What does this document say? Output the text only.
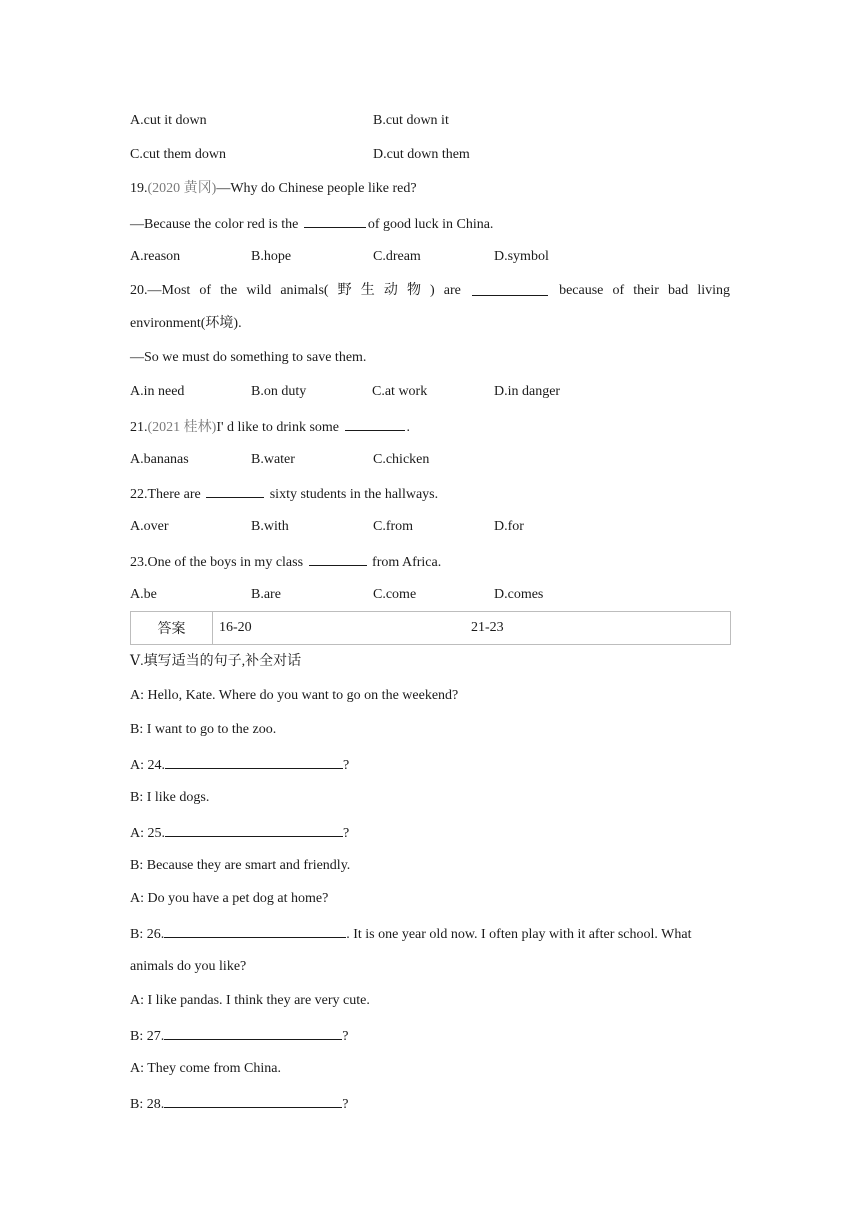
A.cut it down	B.cut down it
C.cut them down	D.cut down them
19.(2020 黄冈)—Why do Chinese people like red?
—Because the color red is the	of good luck in China.
A.reason	B.hope	C.dream	D.symbol
20.—Most of the wild animals( 野 生 动 物 ) are	because of their bad living
environment(环境).
—So we must do something to save them.
A.in need	B.on duty	C.at work	D.in danger
21.(2021 桂林)I' d like to drink some	.
A.bananas	B.water	C.chicken
22.There are	sixty students in the hallways.
A.over	B.with	C.from	D.for
23.One of the boys in my class	from Africa.
A.be	B.are	C.come	D.comes
答案	16-20	21-23
Ⅴ.填写适当的句子,补全对话
A: Hello, Kate. Where do you want to go on the weekend?
B: I want to go to the zoo.
A: 24.	?
B: I like dogs.
A: 25.	?
B: Because they are smart and friendly.
A: Do you have a pet dog at home?
B: 26.	. It is one year old now. I often play with it after school. What
animals do you like?
A: I like pandas. I think they are very cute.
B: 27.	?
A: They come from China.
B: 28.	?
